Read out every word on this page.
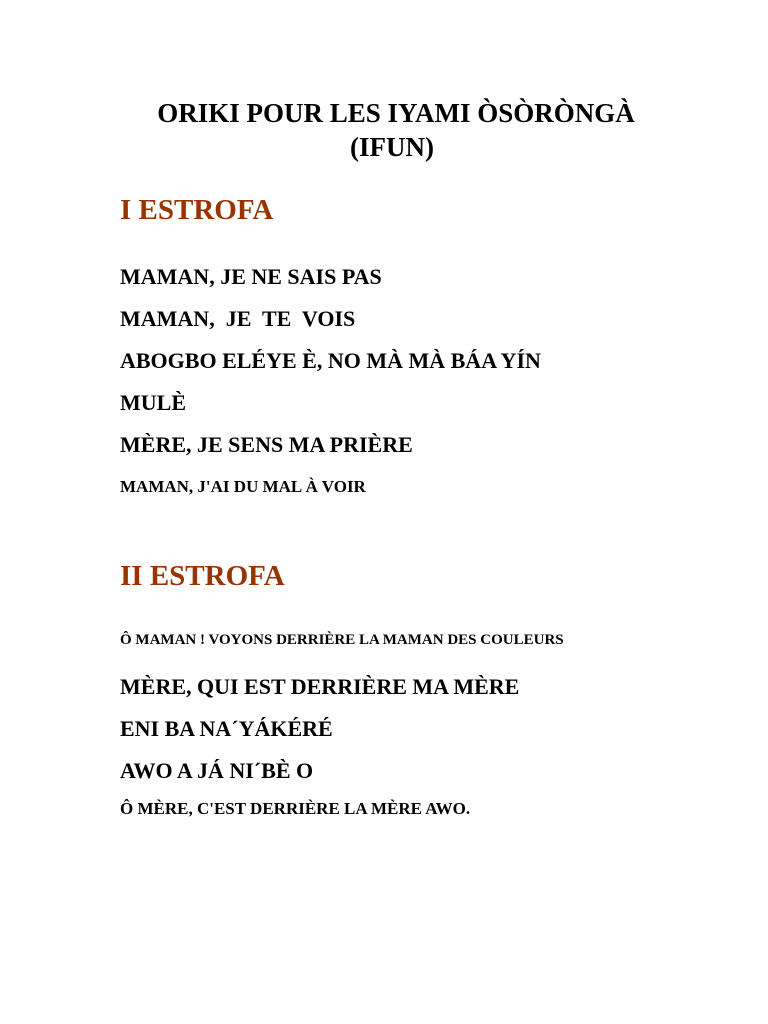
ORIKI POUR LES IYAMI ÒSÒRÒNGÀ
(IFUN)
I ESTROFA

MAMAN, JE NE SAIS PAS

MAMAN,  JE  TE  VOIS

ABOGBO ELÉYE È, NO MÀ MÀ BÁA YÍN

MULÈ

MÈRE, JE SENS MA PRIÈRE

MAMAN, J'AI DU MAL À VOIR

II ESTROFA

Ô MAMAN ! VOYONS DERRIÈRE LA MAMAN DES COULEURS

MÈRE, QUI EST DERRIÈRE MA MÈRE

ENI BA NA´YÁKÉRÉ

AWO A JÁ NI´BÈ O

Ô MÈRE, C'EST DERRIÈRE LA MÈRE AWO.
